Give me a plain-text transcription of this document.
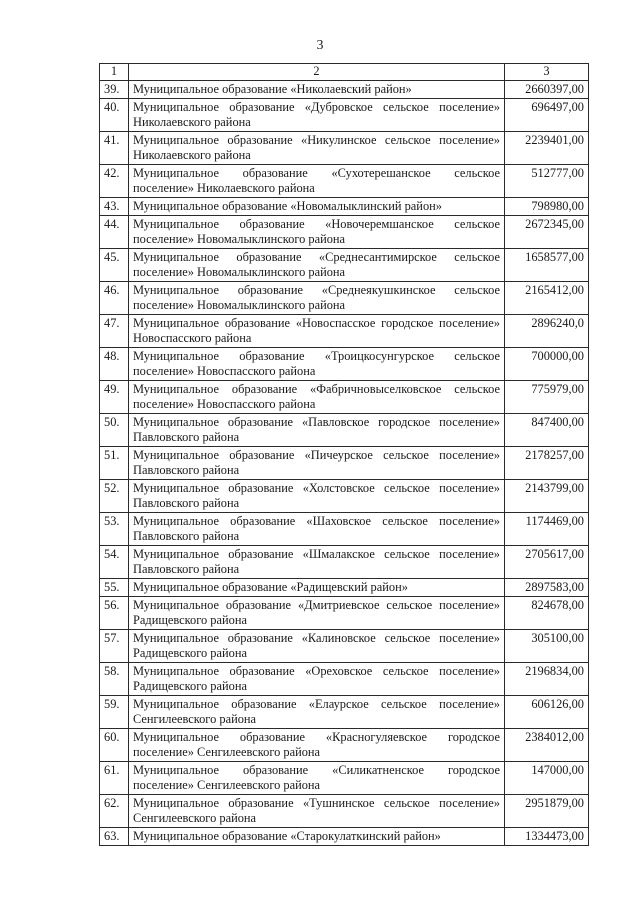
3
1	2	3
39.	Муниципальное образование «Николаевский район»	2660397,00
40.	Муниципальное образование «Дубровское сельское поселение» Николаевского района	696497,00
41.	Муниципальное образование «Никулинское сельское поселение» Николаевского района	2239401,00
42.	Муниципальное образование «Сухотерешанское сельское поселение» Николаевского района	512777,00
43.	Муниципальное образование «Новомалыклинский район»	798980,00
44.	Муниципальное образование «Новочеремшанское сельское поселение» Новомалыклинского района	2672345,00
45.	Муниципальное образование «Среднесантимирское сельское поселение» Новомалыклинского района	1658577,00
46.	Муниципальное образование «Среднеякушкинское сельское поселение» Новомалыклинского района	2165412,00
47.	Муниципальное образование «Новоспасское городское поселение» Новоспасского района	2896240,0
48.	Муниципальное образование «Троицкосунгурское сельское поселение» Новоспасского района	700000,00
49.	Муниципальное образование «Фабричновыселковское сельское поселение» Новоспасского района	775979,00
50.	Муниципальное образование «Павловское городское поселение» Павловского района	847400,00
51.	Муниципальное образование «Пичеурское сельское поселение» Павловского района	2178257,00
52.	Муниципальное образование «Холстовское сельское поселение» Павловского района	2143799,00
53.	Муниципальное образование «Шаховское сельское поселение» Павловского района	1174469,00
54.	Муниципальное образование «Шмалакское сельское поселение» Павловского района	2705617,00
55.	Муниципальное образование «Радищевский район»	2897583,00
56.	Муниципальное образование «Дмитриевское сельское поселение» Радищевского района	824678,00
57.	Муниципальное образование «Калиновское сельское поселение» Радищевского района	305100,00
58.	Муниципальное образование «Ореховское сельское поселение» Радищевского района	2196834,00
59.	Муниципальное образование «Елаурское сельское поселение» Сенгилеевского района	606126,00
60.	Муниципальное образование «Красногуляевское городское поселение» Сенгилеевского района	2384012,00
61.	Муниципальное образование «Силикатненское городское поселение» Сенгилеевского района	147000,00
62.	Муниципальное образование «Тушнинское сельское поселение» Сенгилеевского района	2951879,00
63.	Муниципальное образование «Старокулаткинский район»	1334473,00
